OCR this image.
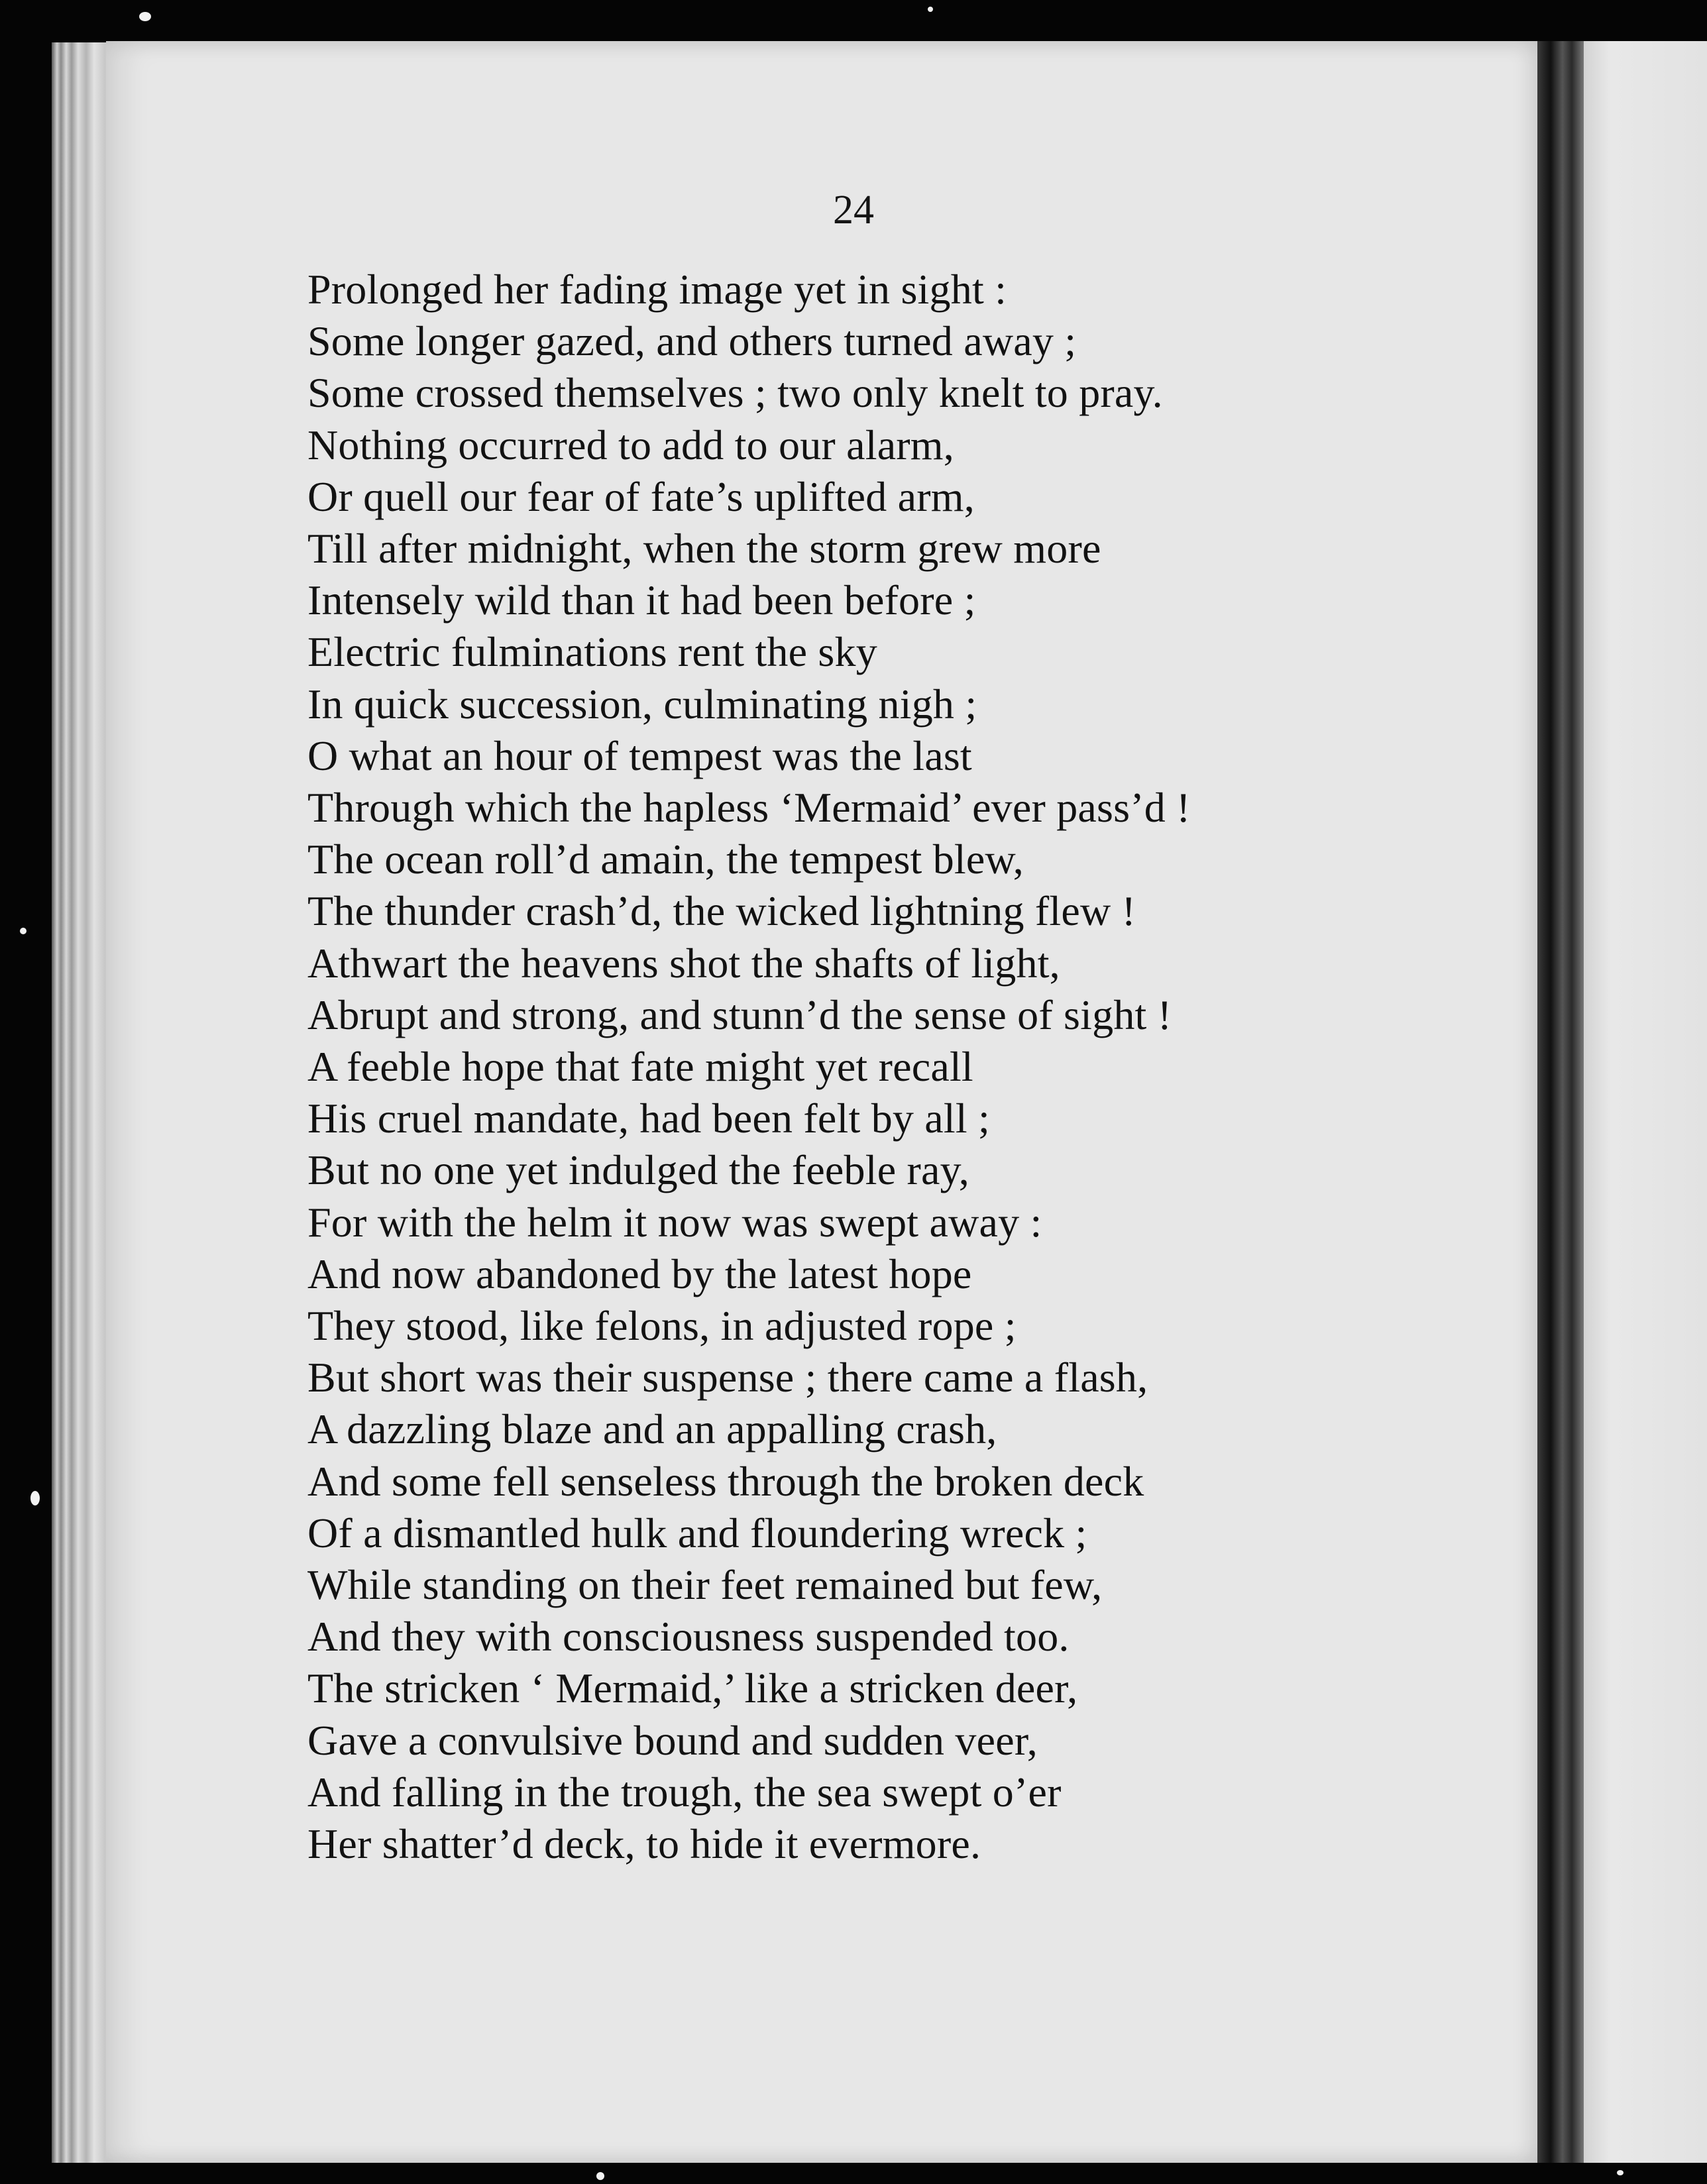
24
Prolonged her fading image yet in sight :
Some longer gazed, and others turned away ;
Some crossed themselves ; two only knelt to pray.
Nothing occurred to add to our alarm,
Or quell our fear of fate’s uplifted arm,
Till after midnight, when the storm grew more
Intensely wild than it had been before ;
Electric fulminations rent the sky
In quick succession, culminating nigh ;
O what an hour of tempest was the last
Through which the hapless ‘Mermaid’ ever pass’d !
The ocean roll’d amain, the tempest blew,
The thunder crash’d, the wicked lightning flew !
Athwart the heavens shot the shafts of light,
Abrupt and strong, and stunn’d the sense of sight !
A feeble hope that fate might yet recall
His cruel mandate, had been felt by all ;
But no one yet indulged the feeble ray,
For with the helm it now was swept away :
And now abandoned by the latest hope
They stood, like felons, in adjusted rope ;
But short was their suspense ; there came a flash,
A dazzling blaze and an appalling crash,
And some fell senseless through the broken deck
Of a dismantled hulk and floundering wreck ;
While standing on their feet remained but few,
And they with consciousness suspended too.
The stricken ‘ Mermaid,’ like a stricken deer,
Gave a convulsive bound and sudden veer,
And falling in the trough, the sea swept o’er
Her shatter’d deck, to hide it evermore.
